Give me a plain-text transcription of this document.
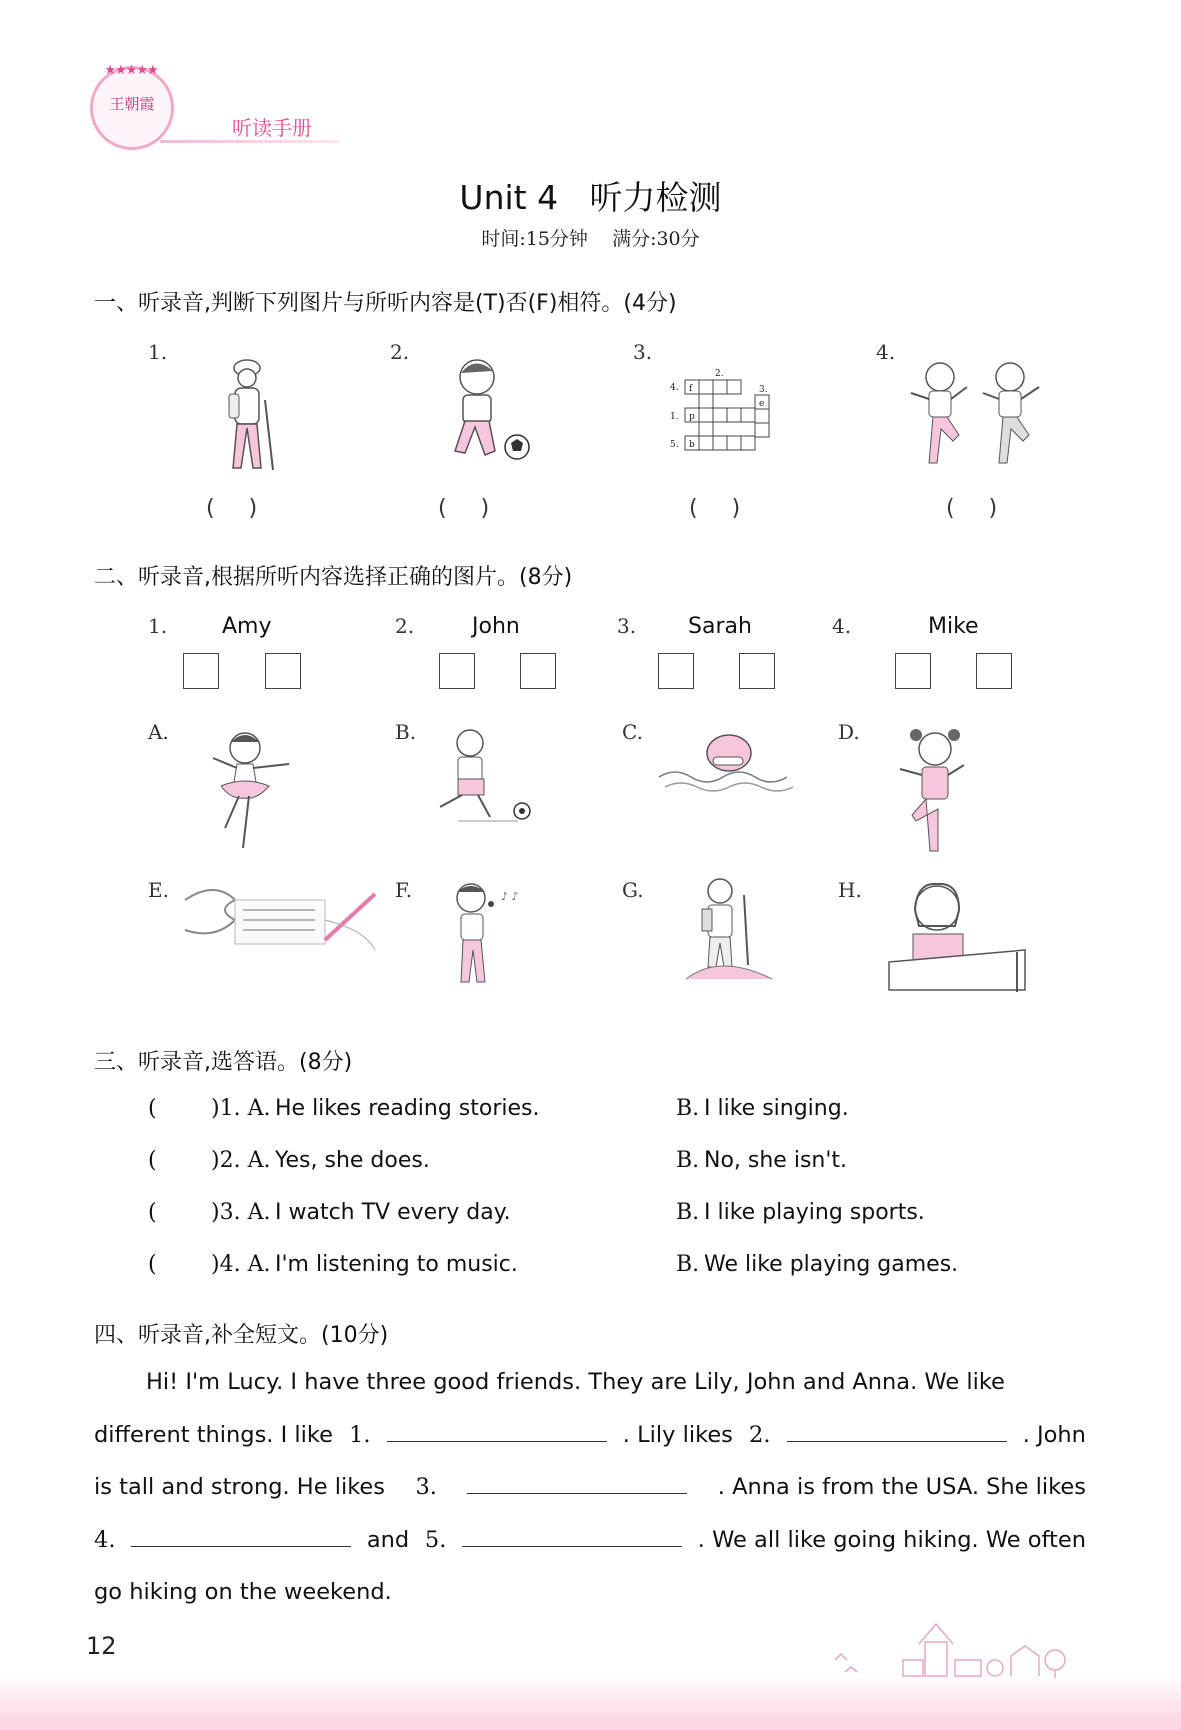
★★★★★
王朝霞
听读手册
Unit 4   听力检测
时间:15分钟    满分:30分
一、听录音,判断下列图片与所听内容是(T)否(F)相符。(4分)
1.	2.	3.	4.
4.
2.
3.
1.
5.
f
e
p
b
()	()	()	()
二、听录音,根据所听内容选择正确的图片。(8分)
1. Amy	2.	John	3. Sarah	4.	Mike
A.	B.	C.	D.
E.	F.	G.	H.
♪ ♪
三、听录音,选答语。(8分)
( )1. A. He likes reading stories.	B. I like singing.
( )2. A. Yes, she does.	B. No, she isn't.
( )3. A. I watch TV every day.	B. I like playing sports.
( )4. A. I'm listening to music.	B. We like playing games.
四、听录音,补全短文。(10分)
Hi! I'm Lucy. I have three good friends. They are Lily, John and Anna. We like
different things. I like 1.	. Lily likes 2.	. John
is tall and strong. He likes 3.	. Anna is from the USA. She likes
4.	and 5.	. We all like going hiking. We often
go hiking on the weekend.
12
